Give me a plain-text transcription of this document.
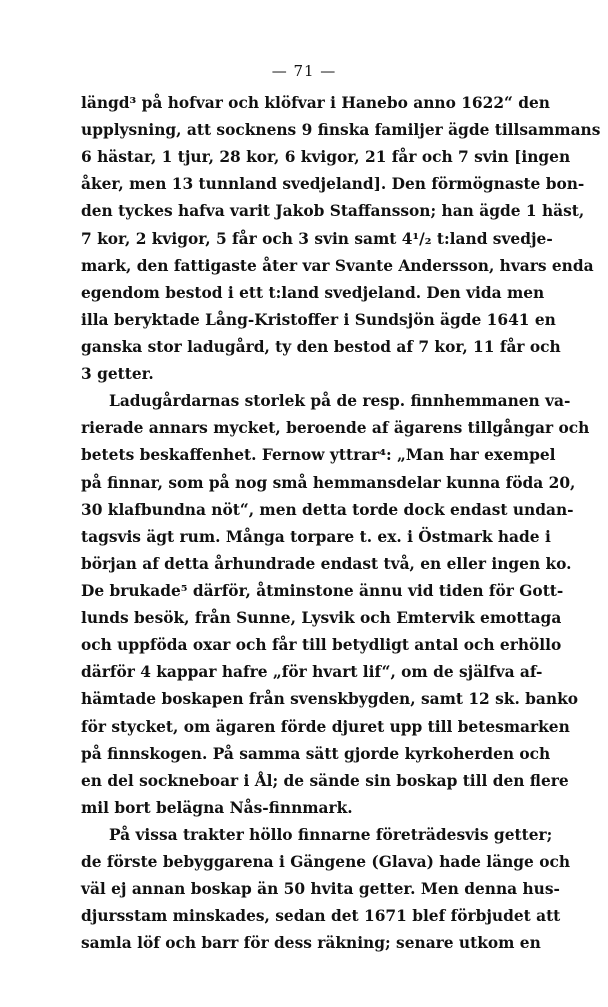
— 71 —
längd³ på hofvar och klöfvar i Hanebo anno 1622“ den
upplysning, att socknens 9 finska familjer ägde tillsammans
6 hästar, 1 tjur, 28 kor, 6 kvigor, 21 får och 7 svin [ingen
åker, men 13 tunnland svedjeland]. Den förmögnaste bon-
den tyckes hafva varit Jakob Staffansson; han ägde 1 häst,
7 kor, 2 kvigor, 5 får och 3 svin samt 4¹/₂ t:land svedje-
mark, den fattigaste åter var Svante Andersson, hvars enda
egendom bestod i ett t:land svedjeland. Den vida men
illa beryktade Lång-Kristoffer i Sundsjön ägde 1641 en
ganska stor ladugård, ty den bestod af 7 kor, 11 får och
3 getter.
Ladugårdarnas storlek på de resp. finnhemmanen va-
rierade annars mycket, beroende af ägarens tillgångar och
betets beskaffenhet. Fernow yttrar⁴: „Man har exempel
på finnar, som på nog små hemmansdelar kunna föda 20,
30 klafbundna nöt“, men detta torde dock endast undan-
tagsvis ägt rum. Många torpare t. ex. i Östmark hade i
början af detta århundrade endast två, en eller ingen ko.
De brukade⁵ därför, åtminstone ännu vid tiden för Gott-
lunds besök, från Sunne, Lysvik och Emtervik emottaga
och uppföda oxar och får till betydligt antal och erhöllo
därför 4 kappar hafre „för hvart lif“, om de själfva af-
hämtade boskapen från svenskbygden, samt 12 sk. banko
för stycket, om ägaren förde djuret upp till betesmarken
på finnskogen. På samma sätt gjorde kyrkoherden och
en del sockneboar i Ål; de sände sin boskap till den flere
mil bort belägna Nås-finnmark.
På vissa trakter höllo finnarne företrädesvis getter;
de förste bebyggarena i Gängene (Glava) hade länge och
väl ej annan boskap än 50 hvita getter. Men denna hus-
djursstam minskades, sedan det 1671 blef förbjudet att
samla löf och barr för dess räkning; senare utkom en
